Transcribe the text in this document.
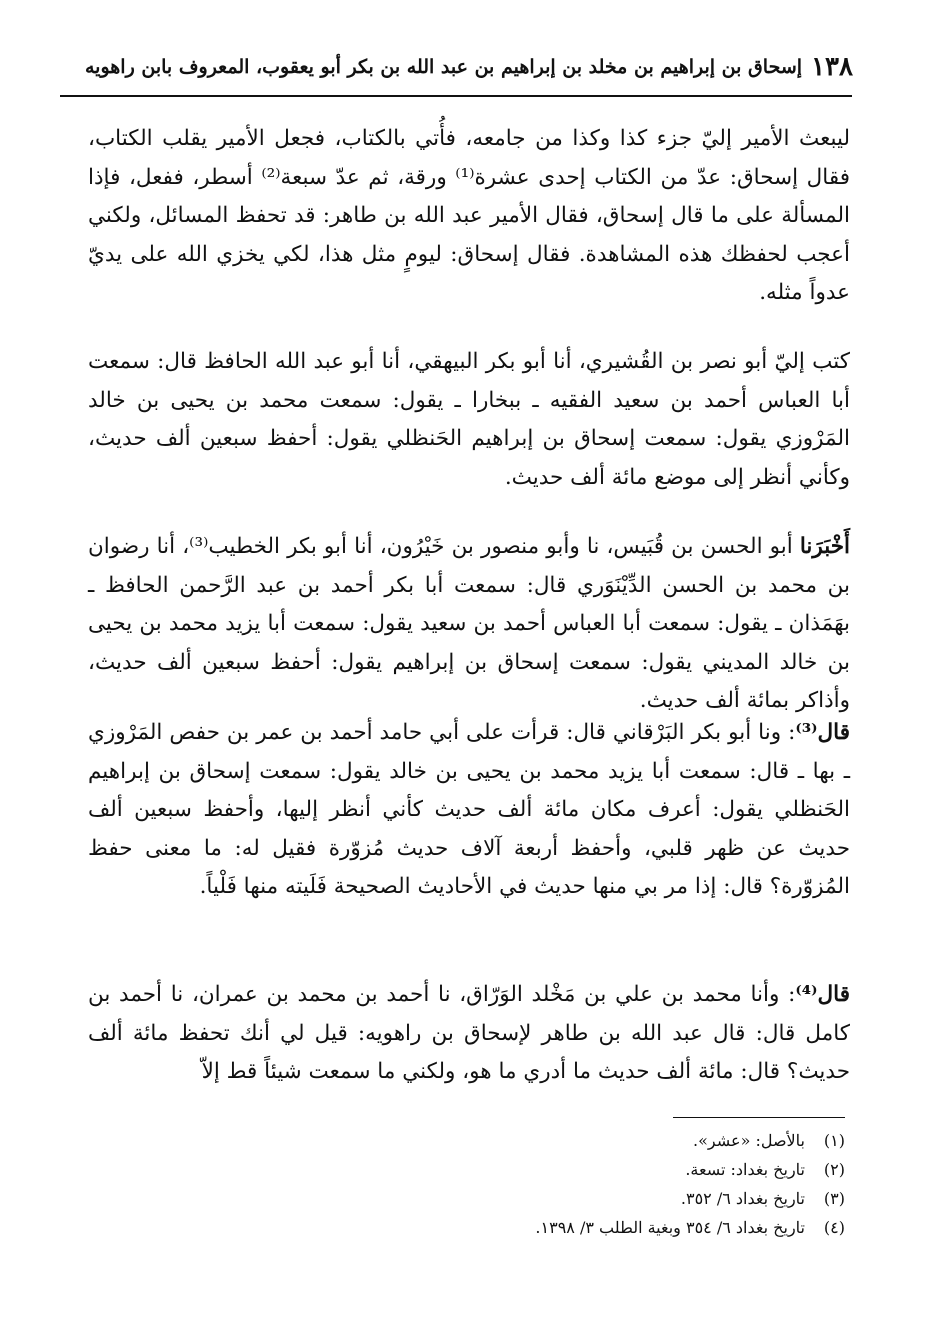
إسحاق بن إبراهيم بن مخلد بن إبراهيم بن عبد الله بن بكر أبو يعقوب، المعروف بابن راهويه ١٣٨

ليبعث الأمير إليّ جزء كذا وكذا من جامعه، فأُتي بالكتاب، فجعل الأمير يقلب الكتاب، فقال إسحاق: عدّ من الكتاب إحدى عشرة⁽¹⁾ ورقة، ثم عدّ سبعة⁽²⁾ أسطر، ففعل، فإذا المسألة على ما قال إسحاق، فقال الأمير عبد الله بن طاهر: قد تحفظ المسائل، ولكني أعجب لحفظك هذه المشاهدة. فقال إسحاق: ليومٍ مثل هذا، لكي يخزي الله على يديّ عدواً مثله.

كتب إليّ أبو نصر بن القُشيري، أنا أبو بكر البيهقي، أنا أبو عبد الله الحافظ قال: سمعت أبا العباس أحمد بن سعيد الفقيه ـ ببخارا ـ يقول: سمعت محمد بن يحيى بن خالد المَرْوزي يقول: سمعت إسحاق بن إبراهيم الحَنظلي يقول: أحفظ سبعين ألف حديث، وكأني أنظر إلى موضع مائة ألف حديث.

أَخْبَرَنا أبو الحسن بن قُبَيس، نا وأبو منصور بن خَيْرُون، أنا أبو بكر الخطيب⁽³⁾، أنا رضوان بن محمد بن الحسن الدِّيْنَوَري قال: سمعت أبا بكر أحمد بن عبد الرَّحمن الحافظ ـ بهَمَذان ـ يقول: سمعت أبا العباس أحمد بن سعيد يقول: سمعت أبا يزيد محمد بن يحيى بن خالد المديني يقول: سمعت إسحاق بن إبراهيم يقول: أحفظ سبعين ألف حديث، وأذاكر بمائة ألف حديث.

قال⁽³⁾: ونا أبو بكر البَرْقاني قال: قرأت على أبي حامد أحمد بن عمر بن حفص المَرْوزي ـ بها ـ قال: سمعت أبا يزيد محمد بن يحيى بن خالد يقول: سمعت إسحاق بن إبراهيم الحَنظلي يقول: أعرف مكان مائة ألف حديث كأني أنظر إليها، وأحفظ سبعين ألف حديث عن ظهر قلبي، وأحفظ أربعة آلاف حديث مُزوّرة فقيل له: ما معنى حفظ المُزوّرة؟ قال: إذا مر بي منها حديث في الأحاديث الصحيحة فَلَيته منها فَلْياً.

قال⁽⁴⁾: وأنا محمد بن علي بن مَخْلد الوَرّاق، نا أحمد بن محمد بن عمران، نا أحمد بن كامل قال: قال عبد الله بن طاهر لإسحاق بن راهويه: قيل لي أنك تحفظ مائة ألف حديث؟ قال: مائة ألف حديث ما أدري ما هو، ولكني ما سمعت شيئاً قط إلاّ

(١)بالأصل: «عشر».
(٢)تاريخ بغداد: تسعة.
(٣)تاريخ بغداد ٦/ ٣٥٢.
(٤)تاريخ بغداد ٦/ ٣٥٤ وبغية الطلب ٣/ ١٣٩٨.
